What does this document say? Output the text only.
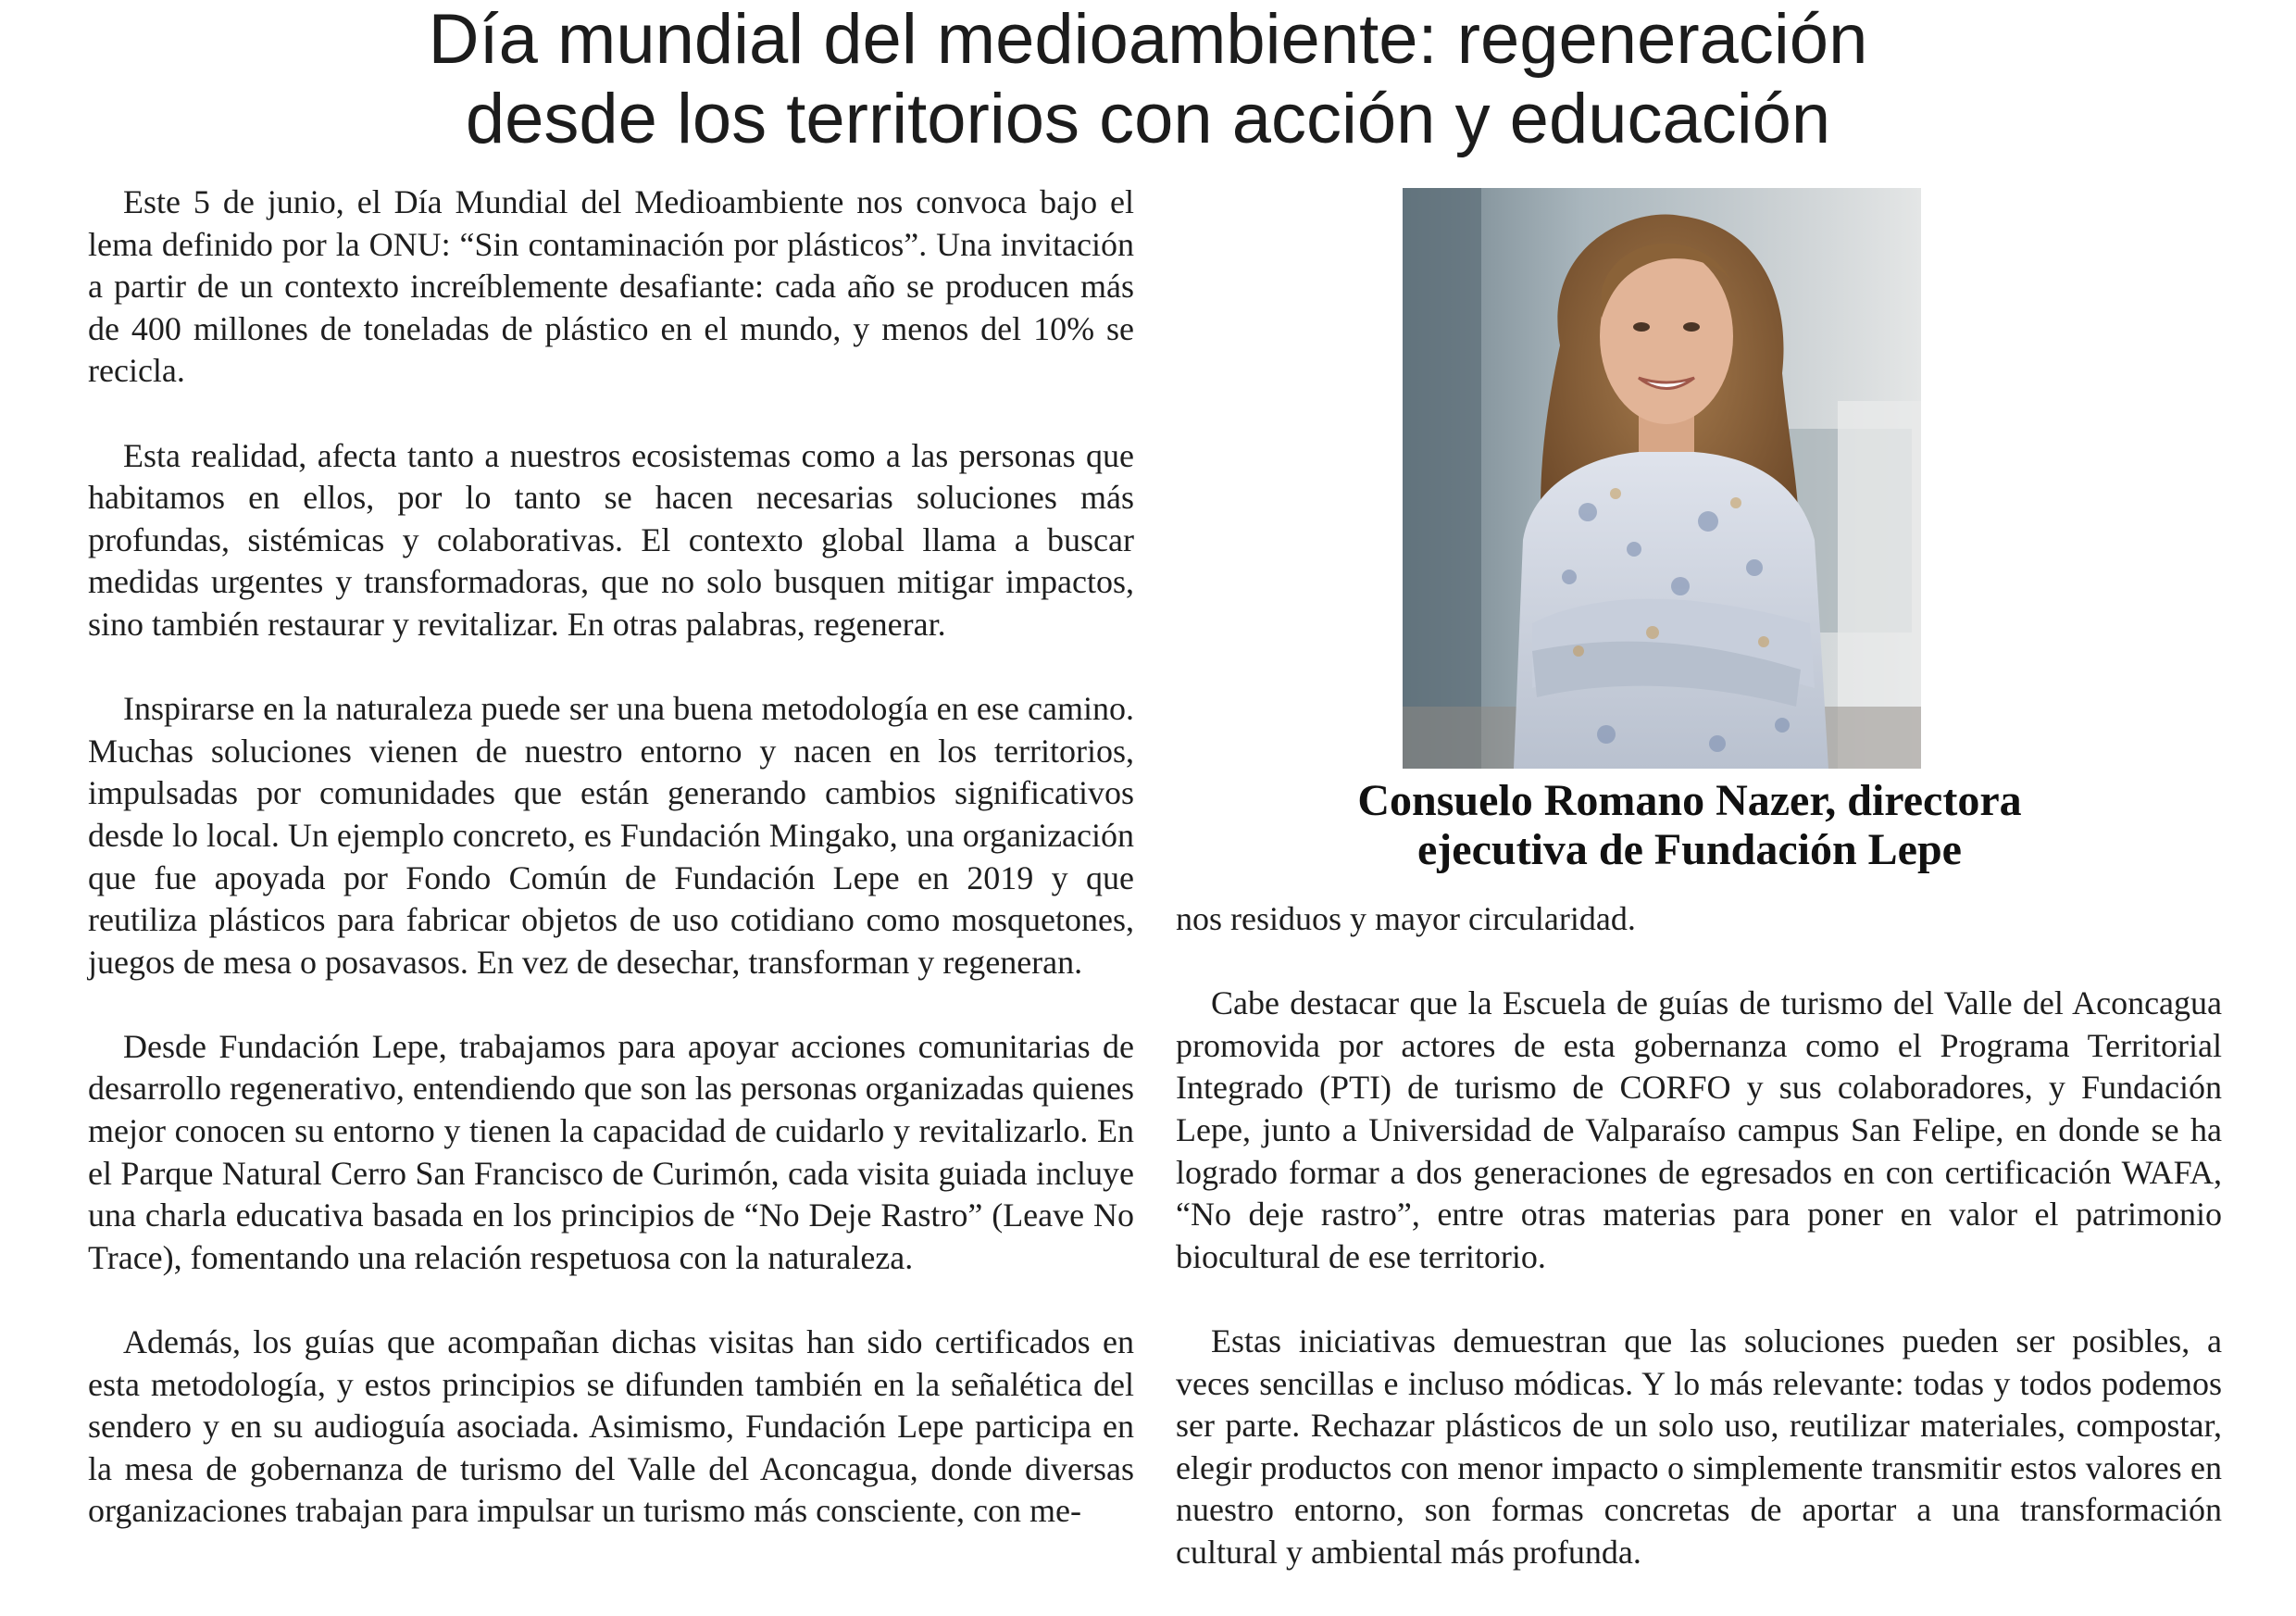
Día mundial del medioambiente: regeneración
desde los territorios con acción y educación

Este 5 de junio, el Día Mundial del Medioambiente nos convoca bajo el lema definido por la ONU: “Sin contaminación por plásticos”. Una invitación a partir de un contexto increíblemente desafiante: cada año se producen más de 400 millones de toneladas de plástico en el mundo, y menos del 10% se recicla.

Esta realidad, afecta tanto a nuestros ecosistemas como a las personas que habitamos en ellos, por lo tanto se hacen necesarias soluciones más profundas, sistémicas y colaborativas. El contexto global llama a buscar medidas urgentes y transformadoras, que no solo busquen mitigar impactos, sino también restaurar y revitalizar. En otras palabras, regenerar.

Inspirarse en la naturaleza puede ser una buena metodología en ese camino. Muchas soluciones vienen de nuestro entorno y nacen en los territorios, impulsadas por comunidades que están generando cambios significativos desde lo local. Un ejemplo concreto, es Fundación Mingako, una organización que fue apoyada por Fondo Común de Fundación Lepe en 2019 y que reutiliza plásticos para fabricar objetos de uso cotidiano como mosquetones, juegos de mesa o posavasos. En vez de desechar, transforman y regeneran.

Desde Fundación Lepe, trabajamos para apoyar acciones comunitarias de desarrollo regenerativo, entendiendo que son las personas organizadas quienes mejor conocen su entorno y tienen la capacidad de cuidarlo y revitalizarlo. En el Parque Natural Cerro San Francisco de Curimón, cada visita guiada incluye una charla educativa basada en los principios de “No Deje Rastro” (Leave No Trace), fomentando una relación respetuosa con la naturaleza.

Además, los guías que acompañan dichas visitas han sido certificados en esta metodología, y estos principios se difunden también en la señalética del sendero y en su audioguía asociada. Asimismo, Fundación Lepe participa en la mesa de gobernanza de turismo del Valle del Aconcagua, donde diversas organizaciones trabajan para impulsar un turismo más consciente, con me-

Consuelo Romano Nazer, directora
ejecutiva de Fundación Lepe

nos residuos y mayor circularidad.

Cabe destacar que la Escuela de guías de turismo del Valle del Aconcagua promovida por actores de esta gobernanza como el Programa Territorial Integrado (PTI) de turismo de CORFO y sus colaboradores, y Fundación Lepe, junto a Universidad de Valparaíso campus San Felipe, en donde se ha logrado formar a dos generaciones de egresados en con certificación WAFA, “No deje rastro”, entre otras materias para poner en valor el patrimonio biocultural de ese territorio.

Estas iniciativas demuestran que las soluciones pueden ser posibles, a veces sencillas e incluso módicas. Y lo más relevante: todas y todos podemos ser parte. Rechazar plásticos de un solo uso, reutilizar materiales, compostar, elegir productos con menor impacto o simplemente transmitir estos valores en nuestro entorno, son formas concretas de aportar a una transformación cultural y ambiental más profunda.
